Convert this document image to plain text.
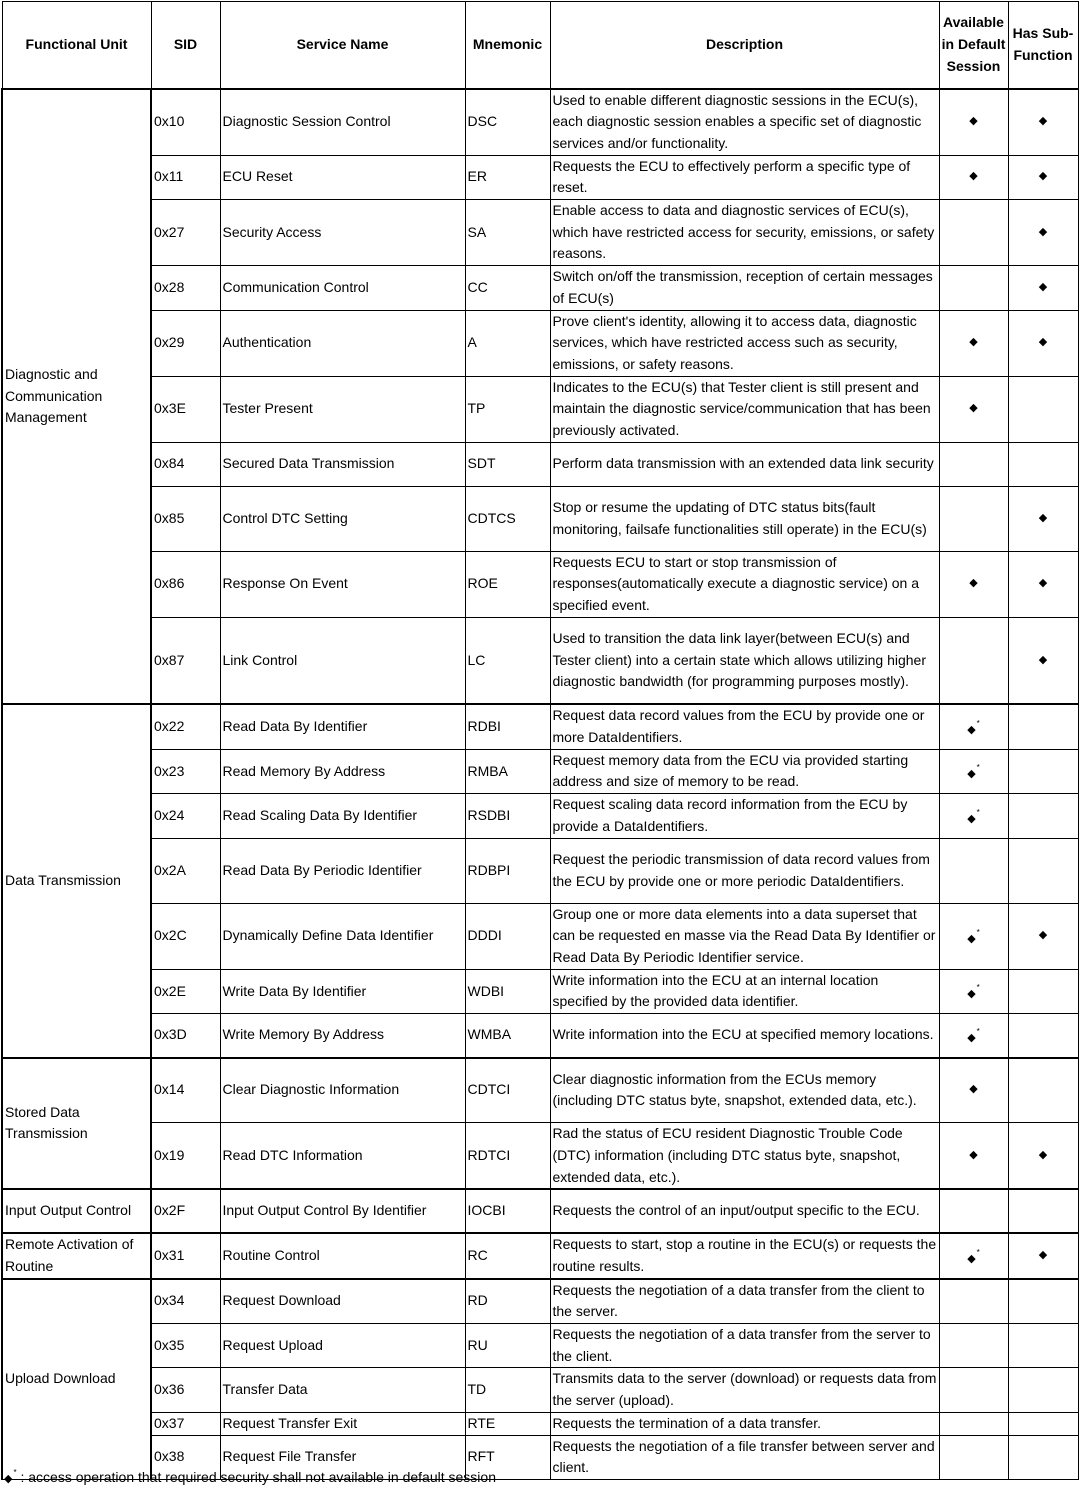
Functional Unit	SID	Service Name	Mnemonic	Description	Available in Default Session	Has Sub-Function
Diagnostic and Communication Management	0x10	Diagnostic Session Control	DSC	Used to enable different diagnostic sessions in the ECU(s), each diagnostic session enables a specific set of diagnostic services and/or functionality.	◆	◆
	0x11	ECU Reset	ER	Requests the ECU to effectively perform a specific type of reset.	◆	◆
	0x27	Security Access	SA	Enable access to data and diagnostic services of ECU(s), which have restricted access for security, emissions, or safety reasons.		◆
	0x28	Communication Control	CC	Switch on/off the transmission, reception of certain messages of ECU(s)		◆
	0x29	Authentication	A	Prove client's identity, allowing it to access data, diagnostic services, which have restricted access such as security, emissions, or safety reasons.	◆	◆
	0x3E	Tester Present	TP	Indicates to the ECU(s) that Tester client is still present and maintain the diagnostic service/communication that has been previously activated.	◆	
	0x84	Secured Data Transmission	SDT	Perform data transmission with an extended data link security		
	0x85	Control DTC Setting	CDTCS	Stop or resume the updating of DTC status bits(fault monitoring, failsafe functionalities still operate) in the ECU(s)		◆
	0x86	Response On Event	ROE	Requests ECU to start or stop transmission of responses(automatically execute a diagnostic service) on a specified event.	◆	◆
	0x87	Link Control	LC	Used to transition the data link layer(between ECU(s) and Tester client) into a certain state which allows utilizing higher diagnostic bandwidth (for programming purposes mostly).		◆
Data Transmission	0x22	Read Data By Identifier	RDBI	Request data record values from the ECU by provide one or more DataIdentifiers.	◆*	
	0x23	Read Memory By Address	RMBA	Request memory data from the ECU via provided starting address and size of memory to be read.	◆*	
	0x24	Read Scaling Data By Identifier	RSDBI	Request scaling data record information from the ECU by provide a DataIdentifiers.	◆*	
	0x2A	Read Data By Periodic Identifier	RDBPI	Request the periodic transmission of data record values from the ECU by provide one or more periodic DataIdentifiers.		
	0x2C	Dynamically Define Data Identifier	DDDI	Group one or more data elements into a data superset that can be requested en masse via the Read Data By Identifier or Read Data By Periodic Identifier service.	◆*	◆
	0x2E	Write Data By Identifier	WDBI	Write information into the ECU at an internal location specified by the provided data identifier.	◆*	
	0x3D	Write Memory By Address	WMBA	Write information into the ECU at specified memory locations.	◆*	
Stored Data Transmission	0x14	Clear Diagnostic Information	CDTCI	Clear diagnostic information from the ECUs memory (including DTC status byte, snapshot, extended data, etc.).	◆	
	0x19	Read DTC Information	RDTCI	Rad the status of ECU resident Diagnostic Trouble Code (DTC) information (including DTC status byte, snapshot, extended data, etc.).	◆	◆
Input Output Control	0x2F	Input Output Control By Identifier	IOCBI	Requests the control of an input/output specific to the ECU.		
Remote Activation of Routine	0x31	Routine Control	RC	Requests to start, stop a routine in the ECU(s) or requests the routine results.	◆*	◆
Upload Download	0x34	Request Download	RD	Requests the negotiation of a data transfer from the client to the server.		
	0x35	Request Upload	RU	Requests the negotiation of a data transfer from the server to the client.		
	0x36	Transfer Data	TD	Transmits data to the server (download) or requests data from the server (upload).		
	0x37	Request Transfer Exit	RTE	Requests the termination of a data transfer.		
	0x38	Request File Transfer	RFT	Requests the negotiation of a file transfer between server and client.		
◆* : access operation that required security shall not available in default session
